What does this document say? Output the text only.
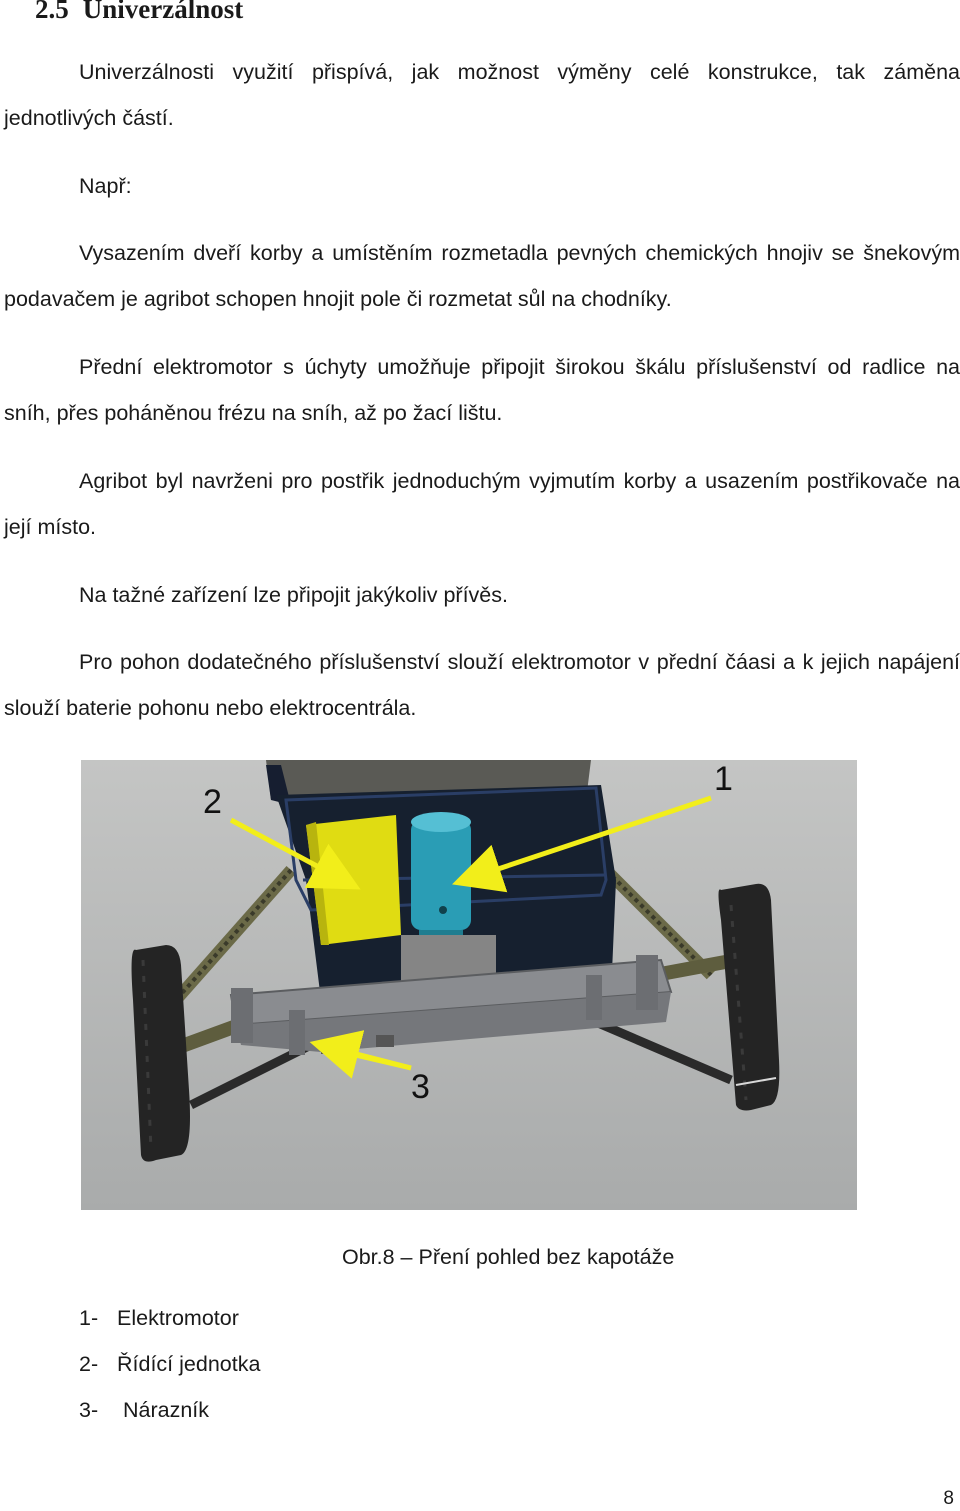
2.5 Univerzálnost

Univerzálnosti využití přispívá, jak možnost výměny celé konstrukce, tak záměna jednotlivých částí.

Např:

Vysazením dveří korby a umístěním rozmetadla pevných chemických hnojiv se šnekovým podavačem je agribot schopen hnojit pole či rozmetat sůl na chodníky.

Přední elektromotor s úchyty umožňuje připojit širokou škálu příslušenství od radlice na sníh, přes poháněnou frézu na sníh, až po žací lištu.

Agribot byl navrženi pro postřik jednoduchým vyjmutím korby a usazením postřikovače na její místo.

Na tažné zařízení lze připojit jakýkoliv přívěs.

Pro pohon dodatečného příslušenství slouží elektromotor v přední čáasi a k jejich napájení slouží baterie pohonu nebo elektrocentrála.

2
1
3
Obr.8 – Pření pohled bez kapotáže
1- Elektromotor
2- Řídící jednotka
3- Nárazník
8
